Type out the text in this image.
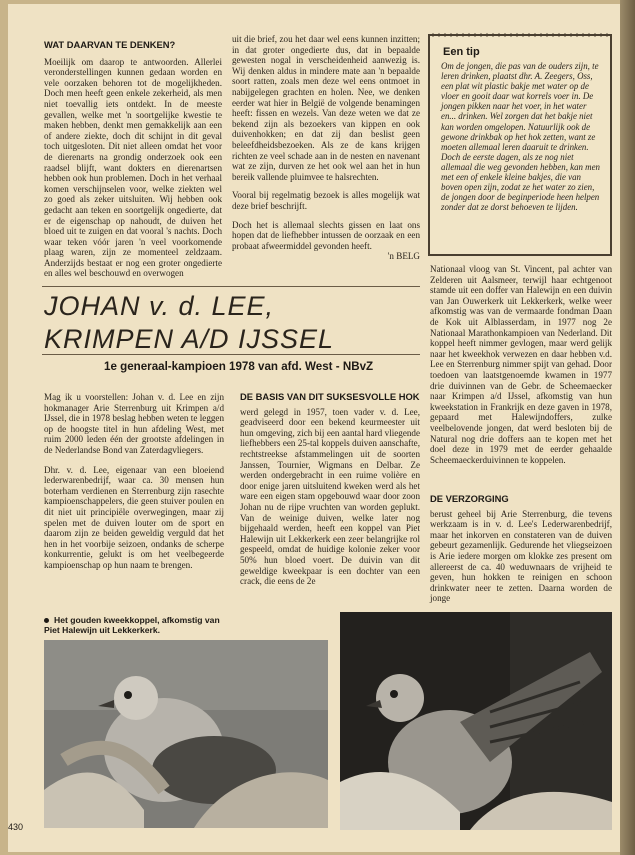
WAT DAARVAN TE DENKEN?

Moeilijk om daarop te antwoorden. Allerlei veronderstellingen kunnen gedaan worden en vele oorzaken behoren tot de mogelijkheden. Doch men heeft geen enkele zekerheid, als men niet toevallig iets ontdekt. In de meeste gevallen, welke met 'n soortgelijke kwestie te maken hebben, denkt men gemakkelijk aan een of andere ziekte, doch dit schijnt in dit geval toch uitgesloten. Dit niet alleen omdat het voor de dierenarts na grondig onderzoek ook een raadsel blijft, want dokters en dierenartsen hebben ook hun problemen. Doch in het verhaal komen verschijnselen voor, welke ziekten wel zo goed als zeker uitsluiten. Wij hebben ook gedacht aan teken en soortgelijk ongedierte, dat er de eigenschap op nahoudt, de duiven het bloed uit te zuigen en dat vooral 's nachts. Doch waar teken vóór jaren 'n veel voorkomende plaag waren, zijn ze momenteel zeldzaam. Anderzijds bestaat er nog een groter ongedierte en alles wel beschouwd en overwogen

uit die brief, zou het daar wel eens kunnen inzitten; in dat groter ongedierte dus, dat in bepaalde gewesten nogal in verscheidenheid aanwezig is. Wij denken aldus in mindere mate aan 'n bepaalde soort ratten, zoals men deze wel eens ontmoet in nabijgelegen grachten en holen. Nee, we denken eerder wat hier in België de volgende benamingen heeft: fissen en wezels. Van deze weten we dat ze bekend zijn als bezoekers van kippen en ook duivenhokken; en dat zij dan beslist geen beleefdheidsbezoeken. Als ze de kans krijgen richten ze veel schade aan in de nesten en navenant wat ze zijn, durven ze het ook wel aan het in hun bereik vallende pluimvee te halsrechten.

Vooral bij regelmatig bezoek is alles mogelijk wat deze brief beschrijft.

Doch het is allemaal slechts gissen en laat ons hopen dat de liefhebber intussen de oorzaak en een probaat afweermiddel gevonden heeft.

'n BELG

Een tip
Om de jongen, die pas van de ouders zijn, te leren drinken, plaatst dhr. A. Zeegers, Oss, een plat wit plastic bakje met water op de vloer en gooit daar wat korrels voer in. De jongen pikken naar het voer, in het water en... drinken. Wel zorgen dat het bakje niet kan worden omgelopen. Natuurlijk ook de gewone drinkbak op het hok zetten, want ze moeten allemaal leren daaruit te drinken. Doch de eerste dagen, als ze nog niet allemaal die weg gevonden hebben, kan men met een of enkele kleine bakjes, die van boven open zijn, zodat ze het water zo zien, de jongen door de beginperiode heen helpen zonder dat ze dorst behoeven te lijden.

Nationaal vloog van St. Vincent, pal achter van Zelderen uit Aalsmeer, terwijl haar echtgenoot stamde uit een doffer van Halewijn en een duivin van Jan Ouwerkerk uit Lekkerkerk, welke weer afkomstig was van de vermaarde fondman Daan de Kok uit Alblasserdam, in 1977 nog 2e Nationaal Marathonkampioen van Nederland. Dit koppel heeft nimmer gevlogen, maar werd gelijk naar het kweekhok verwezen en daar hebben v.d. Lee en Sterrenburg nimmer spijt van gehad. Door toedoen van laatstgenoemde kwamen in 1977 drie duivinnen van de Gebr. de Scheemaecker naar Krimpen a/d IJssel, afkomstig van hun kweekstation in Frankrijk en deze gaven in 1978, gepaard met Halewijndoffers, zulke veelbelovende jongen, dat werd besloten bij de Natural nog drie doffers aan te kopen met het doel deze in 1979 met de eerder gehaalde Scheemaeckerduivinnen te koppelen.

JOHAN v. d. LEE, KRIMPEN A/D IJSSEL
1e generaal-kampioen 1978 van afd. West - NBvZ

Mag ik u voorstellen: Johan v. d. Lee en zijn hokmanager Arie Sterrenburg uit Krimpen a/d IJssel, die in 1978 beslag hebben weten te leggen op de hoogste titel in hun afdeling West, met ruim 2000 leden één der grootste afdelingen in de Nederlandse Bond van Zaterdagvliegers.

Dhr. v. d. Lee, eigenaar van een bloeiend lederwarenbedrijf, waar ca. 30 mensen hun boterham verdienen en Sterrenburg zijn rasechte kampioenschappelers, die geen stuiver poulen en dit niet uit principiële overwegingen, maar zij spelen met de duiven louter om de sport en daarom zijn ze beiden geweldig verguld dat het hen in het voorbije seizoen, ondanks de scherpe konkurrentie, gelukt is om het veelbegeerde kampioenschap op hun naam te brengen.

Het gouden kweekkoppel, afkomstig van Piet Halewijn uit Lekkerkerk.
DE BASIS VAN DIT SUKSESVOLLE HOK

werd gelegd in 1957, toen vader v. d. Lee, geadviseerd door een bekend keurmeester uit hun omgeving, zich bij een aantal hard vliegende liefhebbers een 25-tal koppels duiven aanschafte, rechtstreekse afstammelingen uit de soorten Janssen, Tournier, Wigmans en Delbar. Ze werden ondergebracht in een ruime volière en door enige jaren uitsluitend kweken werd als het ware een eigen stam opgebouwd waar door zoon Johan nu de rijpe vruchten van worden geplukt. Van de weinige duiven, welke later nog bijgehaald werden, heeft een koppel van Piet Halewijn uit Lekkerkerk een zeer belangrijke rol gespeeld, omdat de huidige kolonie zeker voor 50% hun bloed voert. De duivin van dit geweldige kweekpaar is een dochter van een crack, die eens de 2e

DE VERZORGING

berust geheel bij Arie Sterrenburg, die tevens werkzaam is in v. d. Lee's Lederwarenbedrijf, maar het inkorven en constateren van de duiven gebeurt gezamenlijk. Gedurende het vliegseizoen is Arie iedere morgen om klokke zes present om allereerst de ca. 40 weduwnaars de vrijheid te geven, hun hokken te reinigen en schoon drinkwater neer te zetten. Daarna worden de jonge

430
